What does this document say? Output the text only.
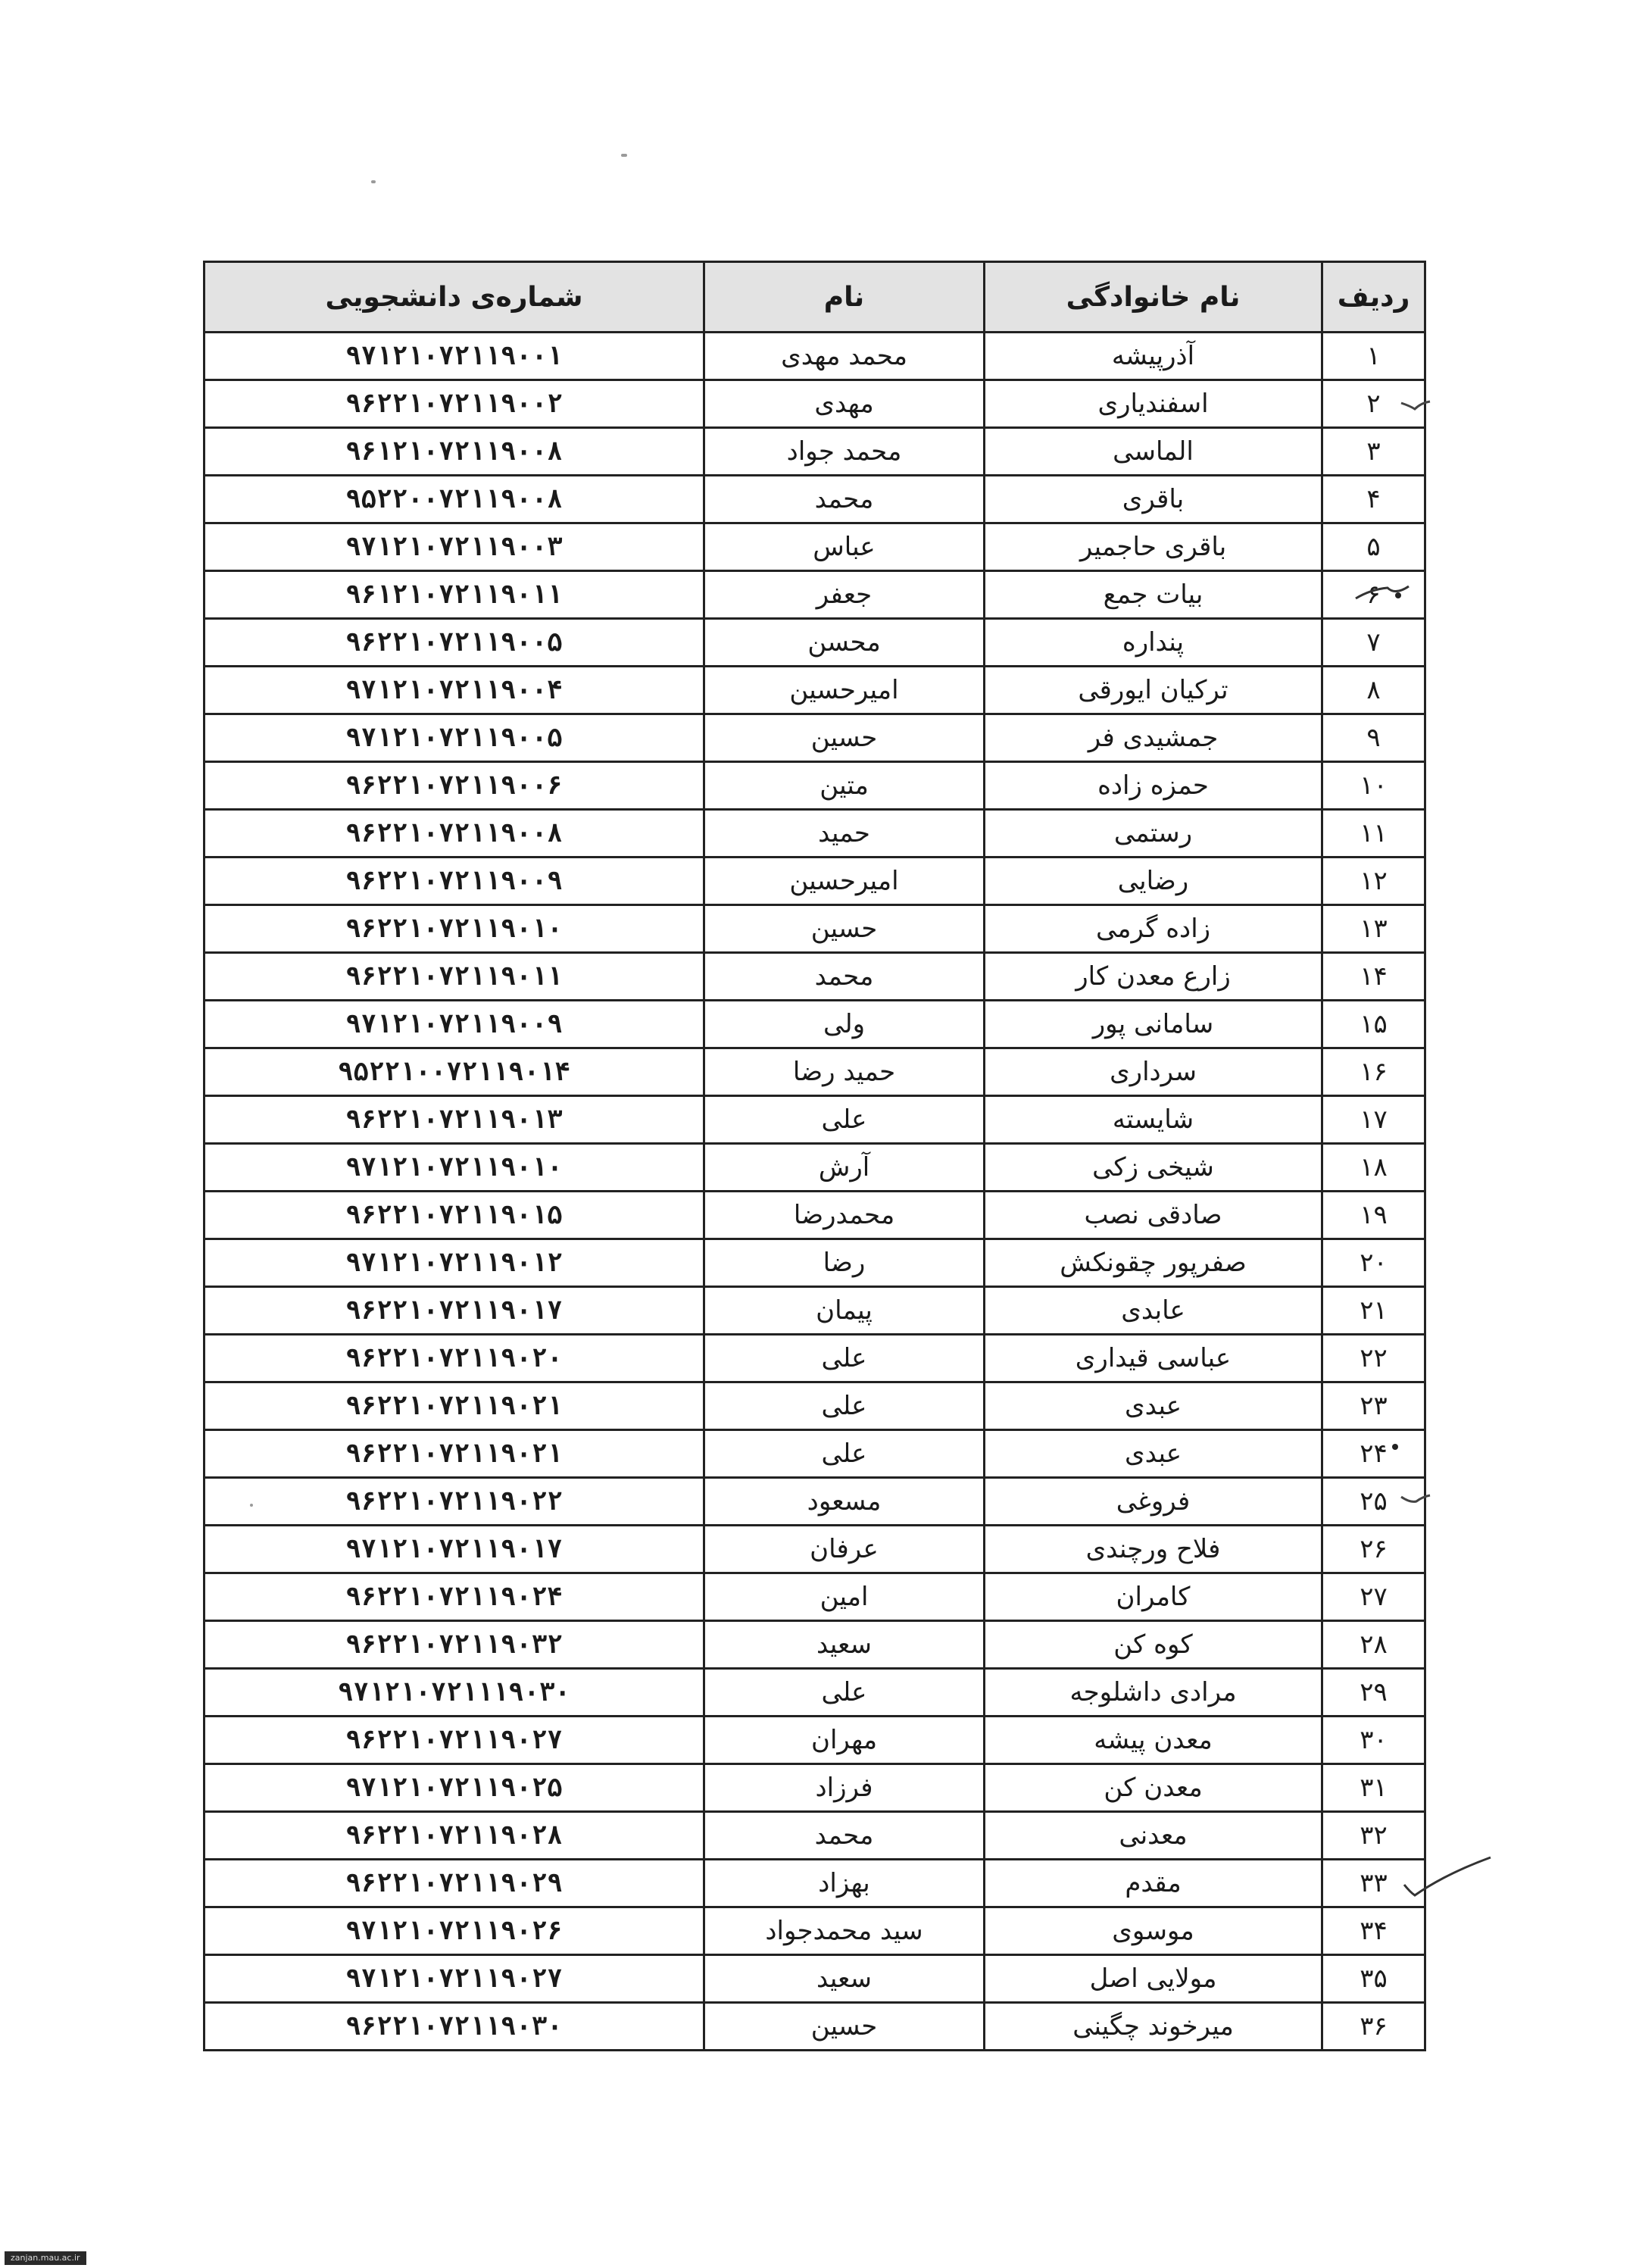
ردیف	نام خانوادگی	نام	شماره‌ی دانشجویی
۱	آذرپیشه	محمد مهدی	۹۷۱۲۱۰۷۲۱۱۹۰۰۱
۲	اسفندیاری	مهدی	۹۶۲۲۱۰۷۲۱۱۹۰۰۲
۳	الماسی	محمد جواد	۹۶۱۲۱۰۷۲۱۱۹۰۰۸
۴	باقری	محمد	۹۵۲۲۰۰۷۲۱۱۹۰۰۸
۵	باقری حاجمیر	عباس	۹۷۱۲۱۰۷۲۱۱۹۰۰۳
۶	بیات جمع	جعفر	۹۶۱۲۱۰۷۲۱۱۹۰۱۱
۷	پنداره	محسن	۹۶۲۲۱۰۷۲۱۱۹۰۰۵
۸	ترکیان ایورقی	امیرحسین	۹۷۱۲۱۰۷۲۱۱۹۰۰۴
۹	جمشیدی فر	حسین	۹۷۱۲۱۰۷۲۱۱۹۰۰۵
۱۰	حمزه زاده	متین	۹۶۲۲۱۰۷۲۱۱۹۰۰۶
۱۱	رستمی	حمید	۹۶۲۲۱۰۷۲۱۱۹۰۰۸
۱۲	رضایی	امیرحسین	۹۶۲۲۱۰۷۲۱۱۹۰۰۹
۱۳	زاده گرمی	حسین	۹۶۲۲۱۰۷۲۱۱۹۰۱۰
۱۴	زارع معدن کار	محمد	۹۶۲۲۱۰۷۲۱۱۹۰۱۱
۱۵	سامانی پور	ولی	۹۷۱۲۱۰۷۲۱۱۹۰۰۹
۱۶	سرداری	حمید رضا	۹۵۲۲۱۰۰۷۲۱۱۹۰۱۴
۱۷	شایسته	علی	۹۶۲۲۱۰۷۲۱۱۹۰۱۳
۱۸	شیخی زکی	آرش	۹۷۱۲۱۰۷۲۱۱۹۰۱۰
۱۹	صادقی نصب	محمدرضا	۹۶۲۲۱۰۷۲۱۱۹۰۱۵
۲۰	صفرپور چقونکش	رضا	۹۷۱۲۱۰۷۲۱۱۹۰۱۲
۲۱	عابدی	پیمان	۹۶۲۲۱۰۷۲۱۱۹۰۱۷
۲۲	عباسی قیداری	علی	۹۶۲۲۱۰۷۲۱۱۹۰۲۰
۲۳	عبدی	علی	۹۶۲۲۱۰۷۲۱۱۹۰۲۱
۲۴	عبدی	علی	۹۶۲۲۱۰۷۲۱۱۹۰۲۱
۲۵	فروغی	مسعود	۹۶۲۲۱۰۷۲۱۱۹۰۲۲
۲۶	فلاح ورچندی	عرفان	۹۷۱۲۱۰۷۲۱۱۹۰۱۷
۲۷	کامران	امین	۹۶۲۲۱۰۷۲۱۱۹۰۲۴
۲۸	کوه کن	سعید	۹۶۲۲۱۰۷۲۱۱۹۰۳۲
۲۹	مرادی داشلوجه	علی	۹۷۱۲۱۰۷۲۱۱۱۹۰۳۰
۳۰	معدن پیشه	مهران	۹۶۲۲۱۰۷۲۱۱۹۰۲۷
۳۱	معدن کن	فرزاد	۹۷۱۲۱۰۷۲۱۱۹۰۲۵
۳۲	معدنی	محمد	۹۶۲۲۱۰۷۲۱۱۹۰۲۸
۳۳	مقدم	بهزاد	۹۶۲۲۱۰۷۲۱۱۹۰۲۹
۳۴	موسوی	سید محمدجواد	۹۷۱۲۱۰۷۲۱۱۹۰۲۶
۳۵	مولایی اصل	سعید	۹۷۱۲۱۰۷۲۱۱۹۰۲۷
۳۶	میرخوند چگینی	حسین	۹۶۲۲۱۰۷۲۱۱۹۰۳۰
zanjan.mau.ac.ir
